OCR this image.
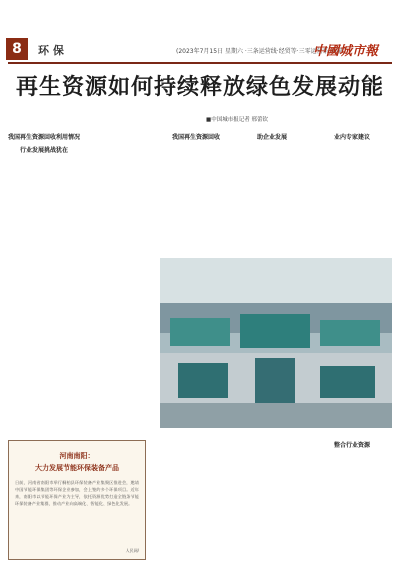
8	环 保	(2023年7月15日 星期六 ·三条运营线·经贸等·三零运营系·影响力
中國城市報
再生资源如何持续释放绿色发展动能
■中国城市报记者 邢蕾钦
我国再生资源回收利用情况
行业发展挑战犹在
我国再生资源回收	助企业发展	业内专家建议
整合行业资源
河南南阳：
大力发展节能环保装备产品
日前，河南省南阳市举行桐柏县环保装备产业集聚区推进会，邀请中国节能环保集团等环保企业参加，会上签约多个环保项目。近年来，南阳市以节能环保产业为主导，依托资源优势打造全链条节能环保装备产业集群，推动产业向高端化、智能化、绿色化发展。
人民网/
